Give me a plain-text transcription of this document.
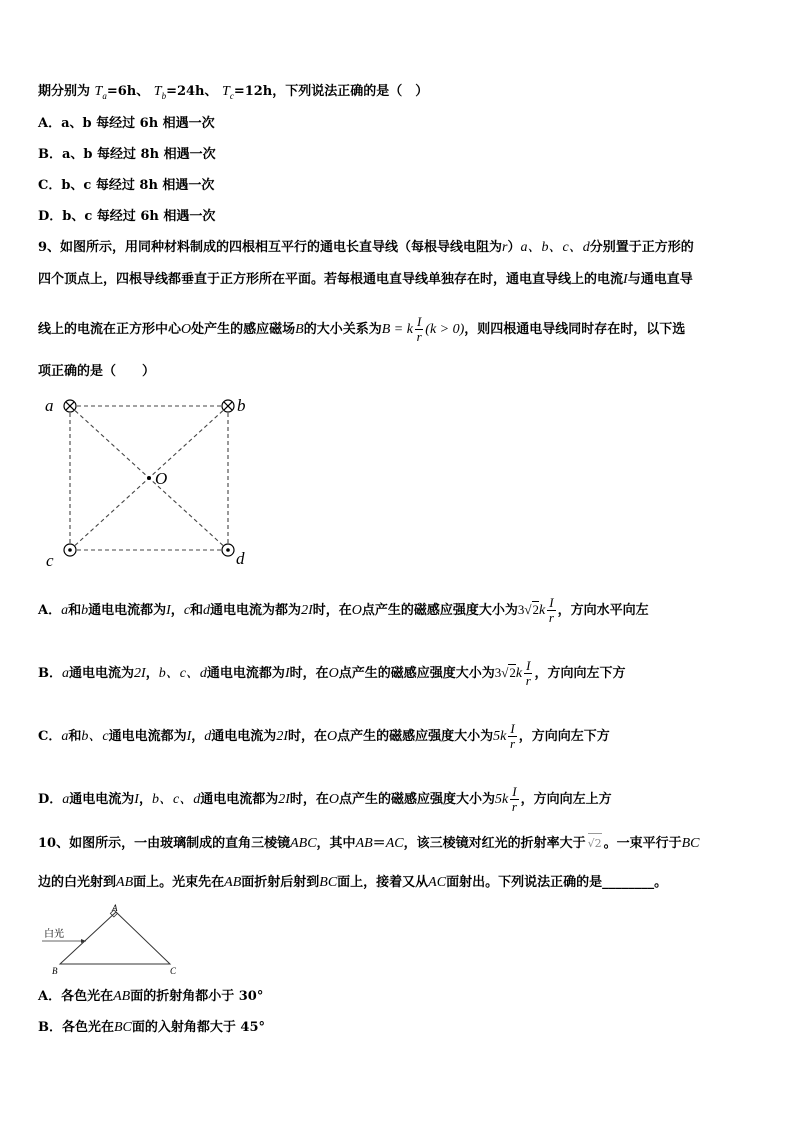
期分别为 $T_a=6h$、 $T_b=24h$、 $T_c=12h$，下列说法正确的是（　）
A．a、b 每经过 6h 相遇一次
B．a、b 每经过 8h 相遇一次
C．b、c 每经过 8h 相遇一次
D．b、c 每经过 6h 相遇一次
9、如图所示，用同种材料制成的四根相互平行的通电长直导线（每根导线电阻为r）a、b、c、d分别置于正方形的
四个顶点上，四根导线都垂直于正方形所在平面。若每根通电直导线单独存在时，通电直导线上的电流I与通电直导
线上的电流在正方形中心O处产生的感应磁场B的大小关系为B = k $\frac{I}{r} (k > 0)$，则四根通电导线同时存在时，以下选
项正确的是（　　）
a	b
c	d
O
A．a和b通电电流都为I，c和d通电电流为都为2I时，在O点产生的磁感应强度大小为$3√2k \frac{I}{r}$ ，方向水平向左
B．a通电电流为2I，b、c、d通电电流都为I时，在O点产生的磁感应强度大小为$3√2k \frac{I}{r}$ ，方向向左下方
C．a和b、c通电电流都为I，d通电电流为2I时，在O点产生的磁感应强度大小为$5k \frac{I}{r}$ ，方向向左下方
D．a通电电流为I，b、c、d通电电流都为2I时，在O点产生的磁感应强度大小为$5k \frac{I}{r}$ ，方向向左上方
10、如图所示，一由玻璃制成的直角三棱镜ABC，其中AB＝AC，该三棱镜对红光的折射率大于 √2 。一束平行于BC
边的白光射到AB面上。光束先在AB面折射后射到BC面上，接着又从AC面射出。下列说法正确的是________。
A
B	C
白光
A．各色光在AB面的折射角都小于 30°
B．各色光在BC面的入射角都大于 45°
